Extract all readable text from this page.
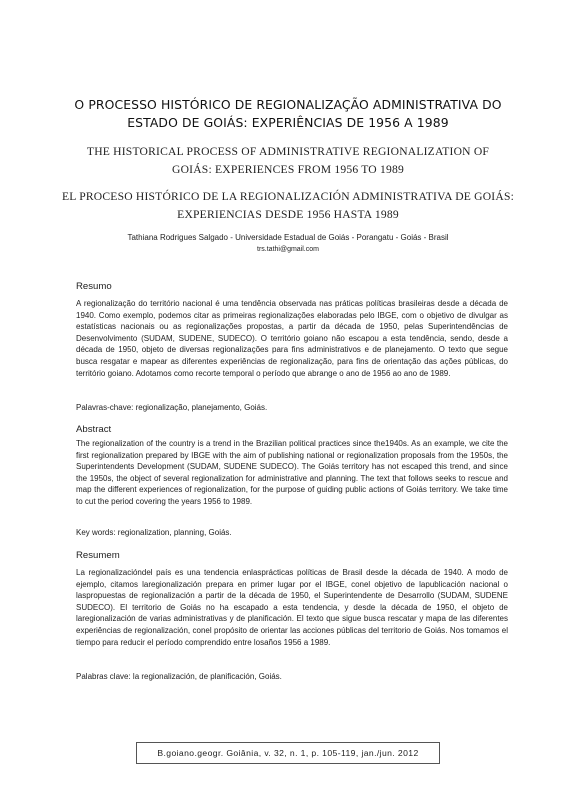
O PROCESSO HISTÓRICO DE REGIONALIZAÇÃO ADMINISTRATIVA DO ESTADO DE GOIÁS: EXPERIÊNCIAS DE 1956 A 1989
THE HISTORICAL PROCESS OF ADMINISTRATIVE REGIONALIZATION OF GOIÁS: EXPERIENCES FROM 1956 TO 1989
EL PROCESO HISTÓRICO DE LA REGIONALIZACIÓN ADMINISTRATIVA DE GOIÁS: EXPERIENCIAS DESDE 1956 HASTA 1989
Tathiana Rodrigues Salgado - Universidade Estadual de Goiás - Porangatu - Goiás - Brasil
trs.tathi@gmail.com
Resumo
A regionalização do território nacional é uma tendência observada nas práticas políticas brasileiras desde a década de 1940. Como exemplo, podemos citar as primeiras regionalizações elaboradas pelo IBGE, com o objetivo de divulgar as estatísticas nacionais ou as regionalizações propostas, a partir da década de 1950, pelas Superintendências de Desenvolvimento (SUDAM, SUDENE, SUDECO). O território goiano não escapou a esta tendência, sendo, desde a década de 1950, objeto de diversas regionalizações para fins administrativos e de planejamento. O texto que segue busca resgatar e mapear as diferentes experiências de regionalização, para fins de orientação das ações públicas, do território goiano. Adotamos como recorte temporal o período que abrange o ano de 1956 ao ano de 1989.
Palavras-chave: regionalização, planejamento, Goiás.
Abstract
The regionalization of the country is a trend in the Brazilian political practices since the1940s. As an example, we cite the first regionalization prepared by IBGE with the aim of publishing national or regionalization proposals from the 1950s, the Superintendents Development (SUDAM, SUDENE SUDECO). The Goiás territory has not escaped this trend, and since the 1950s, the object of several regionalization for administrative and planning. The text that follows seeks to rescue and map the different experiences of regionalization, for the purpose of guiding public actions of Goiás territory. We take time to cut the period covering the years 1956 to 1989.
Key words: regionalization, planning, Goiás.
Resumem
La regionalizacióndel país es una tendencia enlasprácticas políticas de Brasil desde la década de 1940. A modo de ejemplo, citamos laregionalización prepara en primer lugar por el IBGE, conel objetivo de lapublicación nacional o laspropuestas de regionalización a partir de la década de 1950, el Superintendente de Desarrollo (SUDAM, SUDENE SUDECO). El territorio de Goiás no ha escapado a esta tendencia, y desde la década de 1950, el objeto de laregionalización de varias administrativas y de planificación. El texto que sigue busca rescatar y mapa de las diferentes experiências de regionalización, conel propósito de orientar las acciones públicas del territorio de Goiás. Nos tomamos el tiempo para reducir el período comprendido entre losaños 1956 a 1989.
Palabras clave: la regionalización, de planificación, Goiás.
B.goiano.geogr. Goiânia, v. 32, n. 1, p. 105-119, jan./jun. 2012
